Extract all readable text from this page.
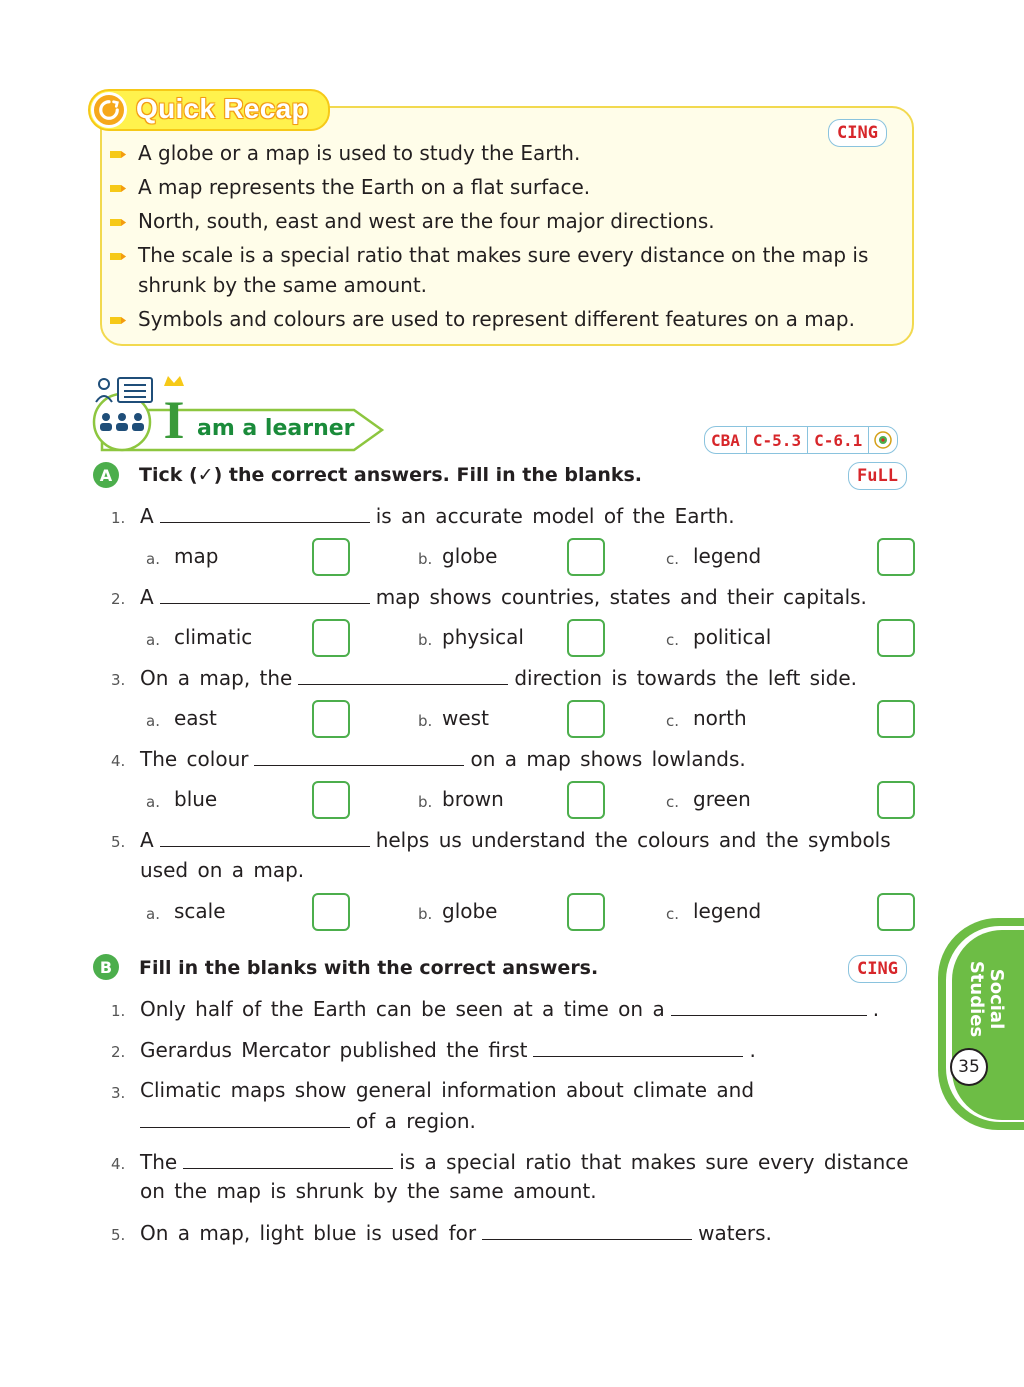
Quick Recap
CING
A globe or a map is used to study the Earth.
A map represents the Earth on a flat surface.
North, south, east and west are the four major directions.
The scale is a special ratio that makes sure every distance on the map is shrunk by the same amount.
Symbols and colours are used to represent different features on a map.
I am a learner	CBA C-5.3 C-6.1
A	Tick (✓) the correct answers. Fill in the blanks.	FuLL
1. A	is an accurate model of the Earth.
a. map	b. globe	c. legend
2. A	map shows countries, states and their capitals.
a. climatic	b. physical	c. political
3. On a map, the	direction is towards the left side.
a. east	b. west	c. north
4. The colour	on a map shows lowlands.
a. blue	b. brown	c. green
5. A	helps us understand the colours and the symbols
used on a map.
a. scale	b. globe	c. legend
B	Fill in the blanks with the correct answers.	CING
1. Only half of the Earth can be seen at a time on a	.
2. Gerardus Mercator published the first	.
3. Climatic maps show general information about climate and
of a region.
4. The	is a special ratio that makes sure every distance
on the map is shrunk by the same amount.
5. On a map, light blue is used for	waters.
Social
Studies
35
